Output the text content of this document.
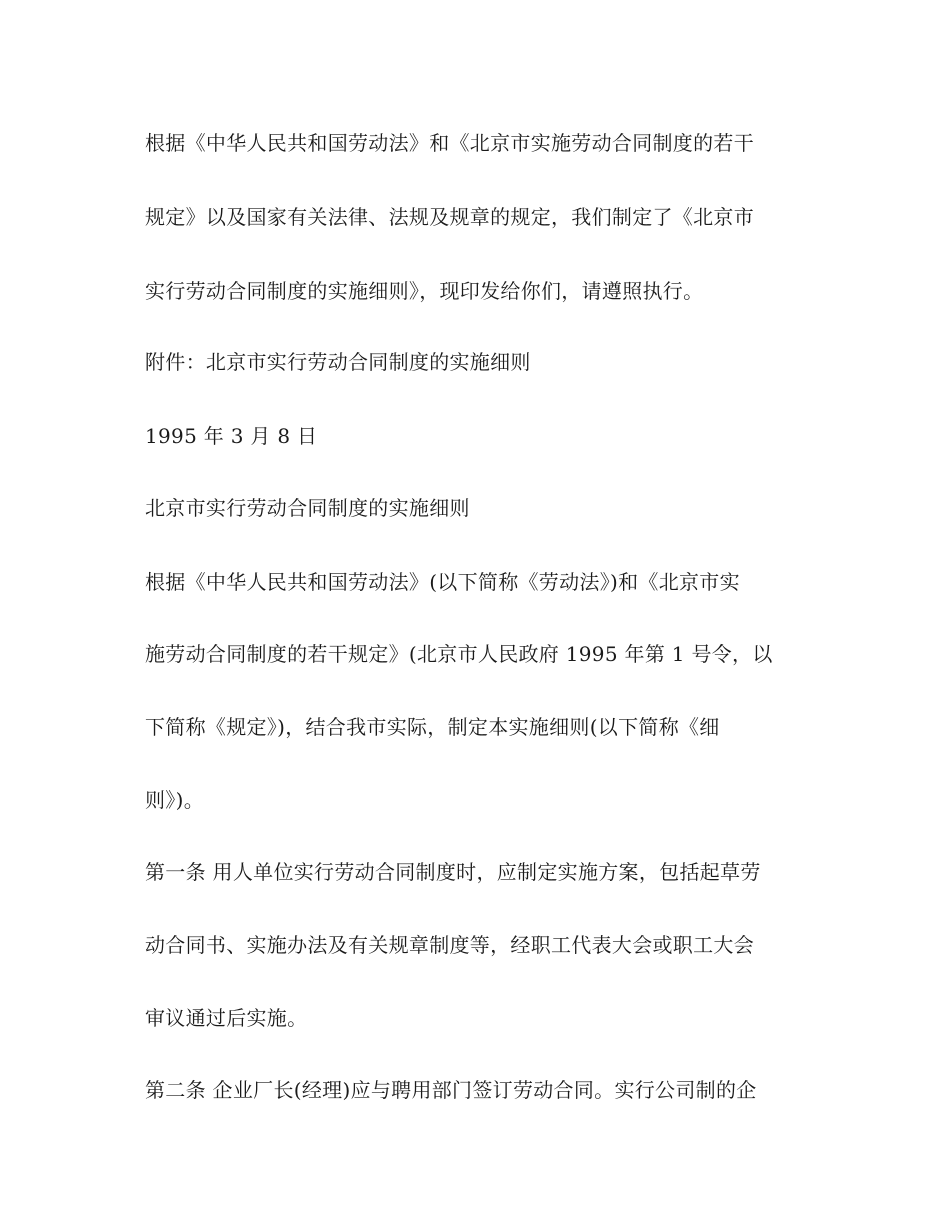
根据《中华人民共和国劳动法》和《北京市实施劳动合同制度的若干

规定》以及国家有关法律、法规及规章的规定，我们制定了《北京市

实行劳动合同制度的实施细则》，现印发给你们，请遵照执行。

附件：北京市实行劳动合同制度的实施细则

1995 年 3 月 8 日

北京市实行劳动合同制度的实施细则

根据《中华人民共和国劳动法》(以下简称《劳动法》)和《北京市实

施劳动合同制度的若干规定》(北京市人民政府 1995 年第 1 号令，以

下简称《规定》)，结合我市实际，制定本实施细则(以下简称《细

则》)。

第一条 用人单位实行劳动合同制度时，应制定实施方案，包括起草劳

动合同书、实施办法及有关规章制度等，经职工代表大会或职工大会

审议通过后实施。

第二条 企业厂长(经理)应与聘用部门签订劳动合同。实行公司制的企
